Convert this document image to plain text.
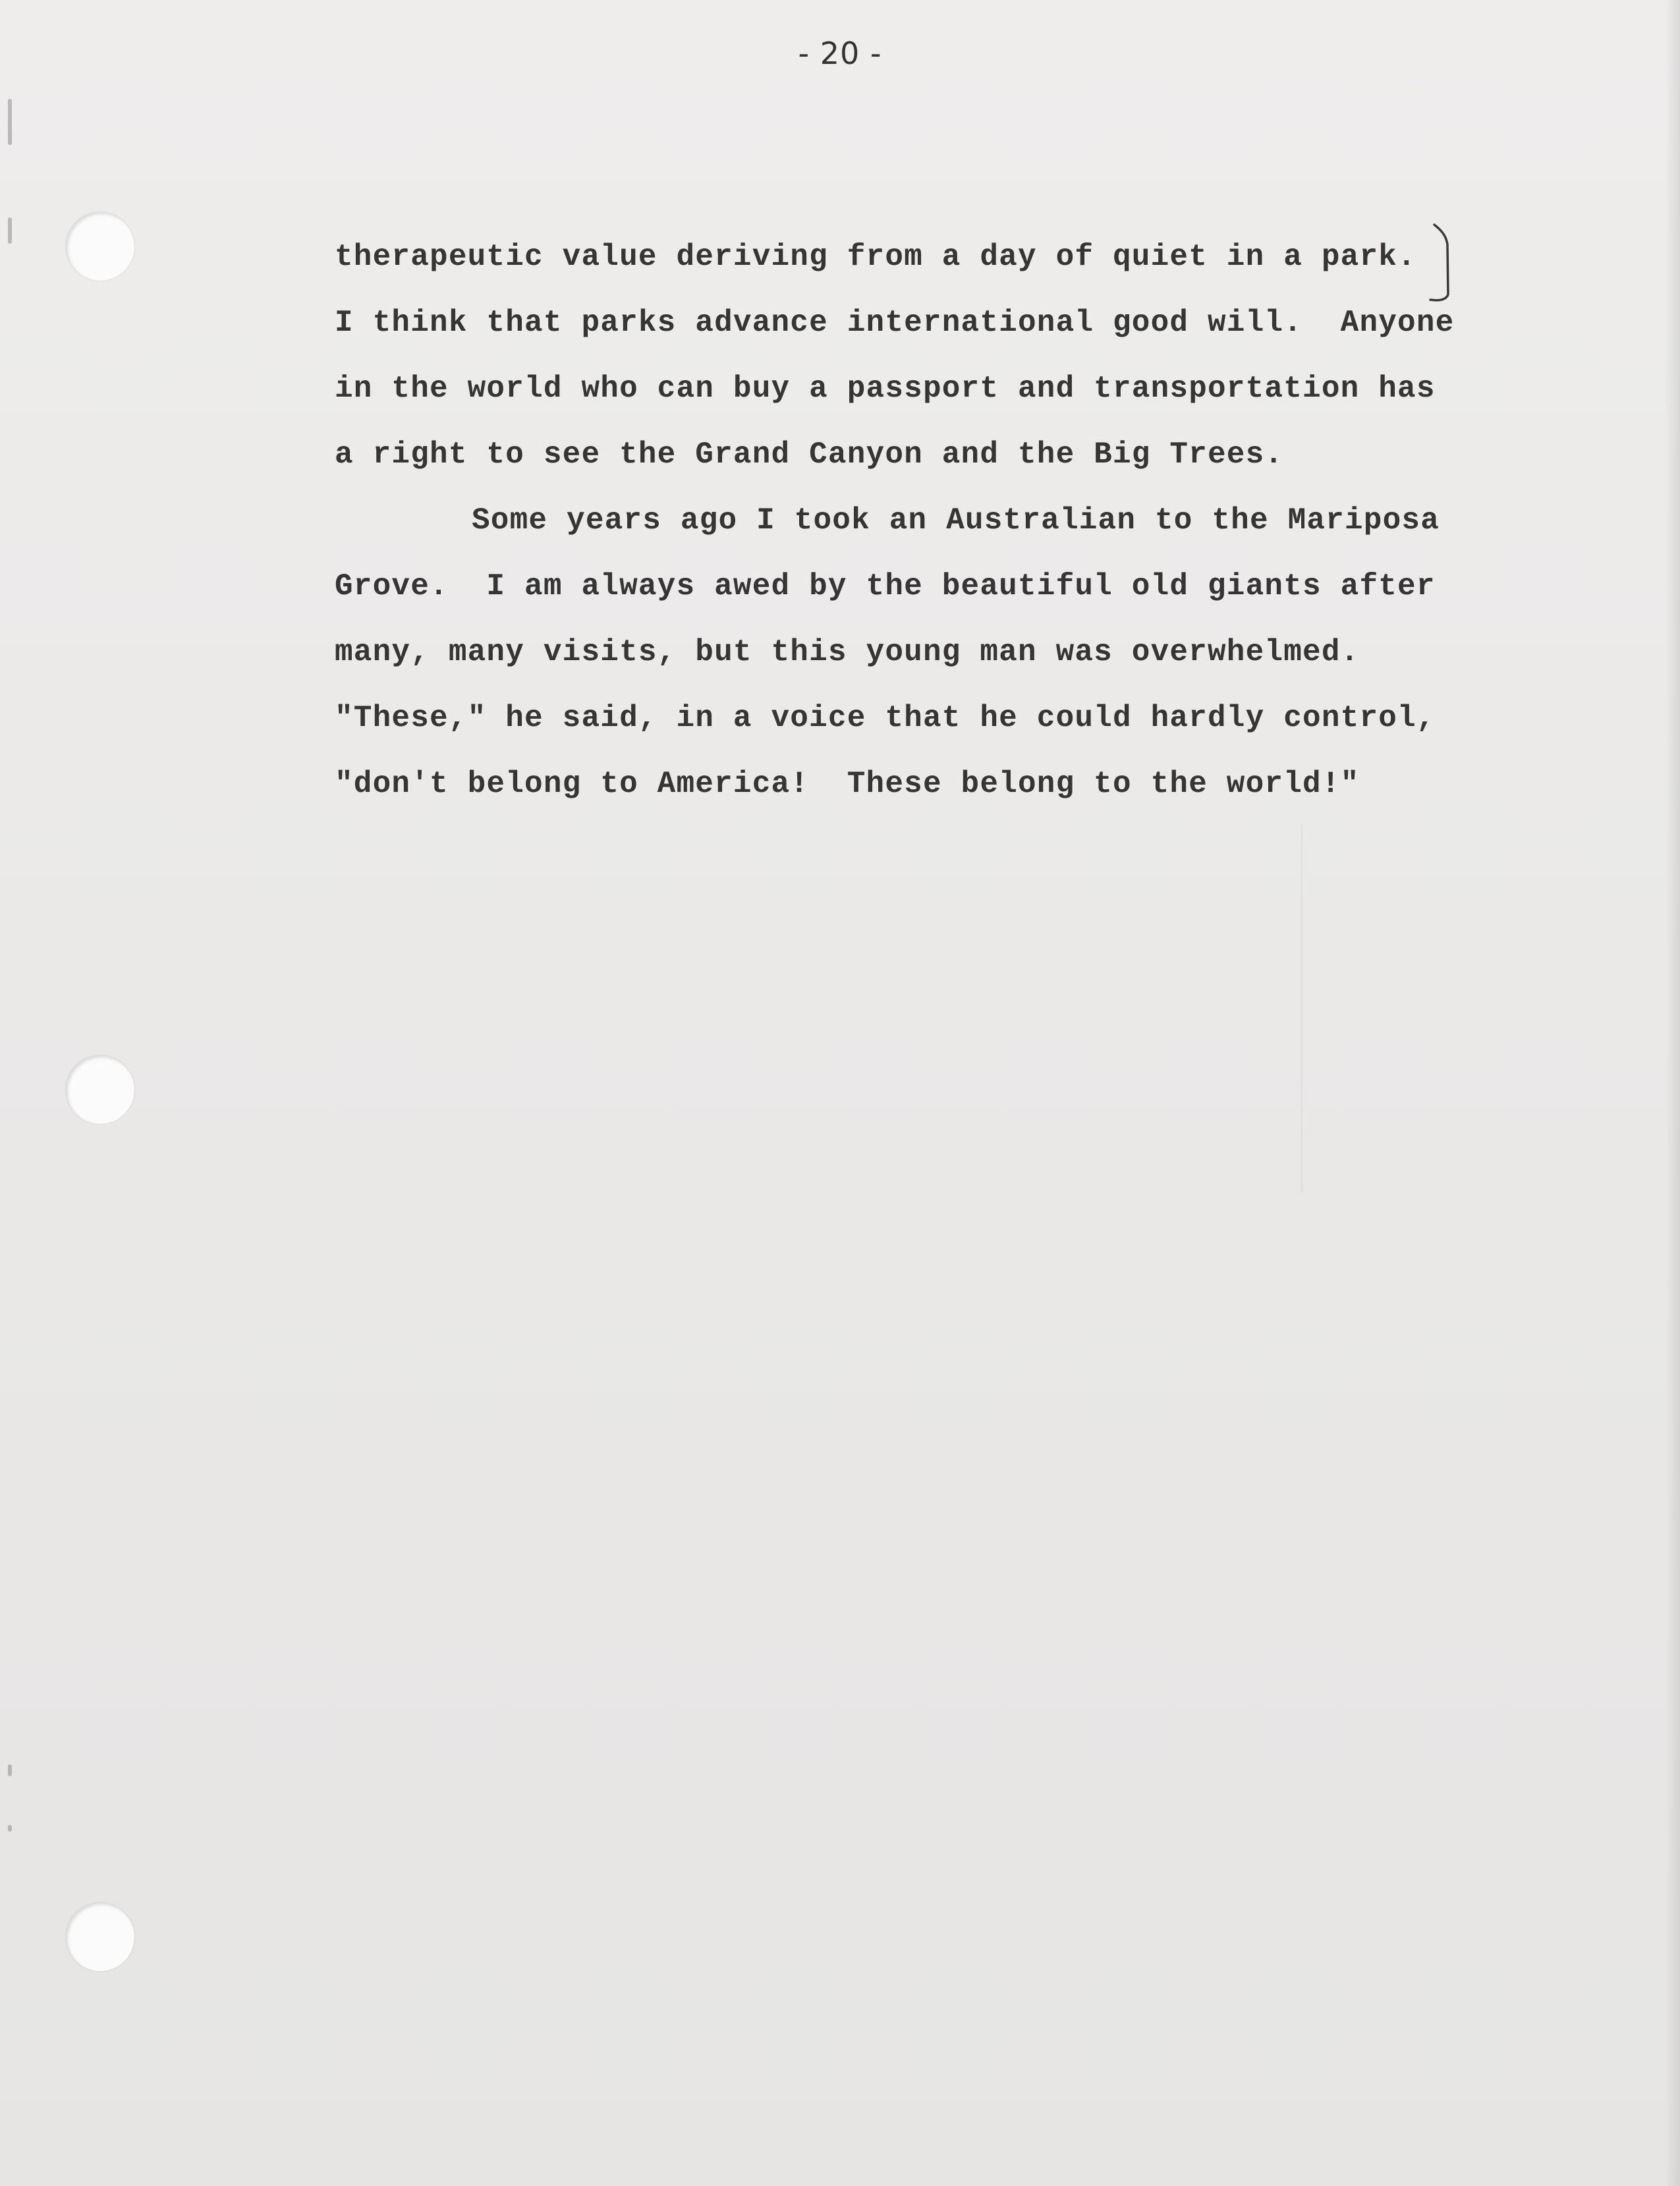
- 20 -
therapeutic value deriving from a day of quiet in a park.
I think that parks advance international good will.  Anyone
in the world who can buy a passport and transportation has
a right to see the Grand Canyon and the Big Trees.
Some years ago I took an Australian to the Mariposa
Grove.  I am always awed by the beautiful old giants after
many, many visits, but this young man was overwhelmed.
"These," he said, in a voice that he could hardly control,
"don't belong to America!  These belong to the world!"
